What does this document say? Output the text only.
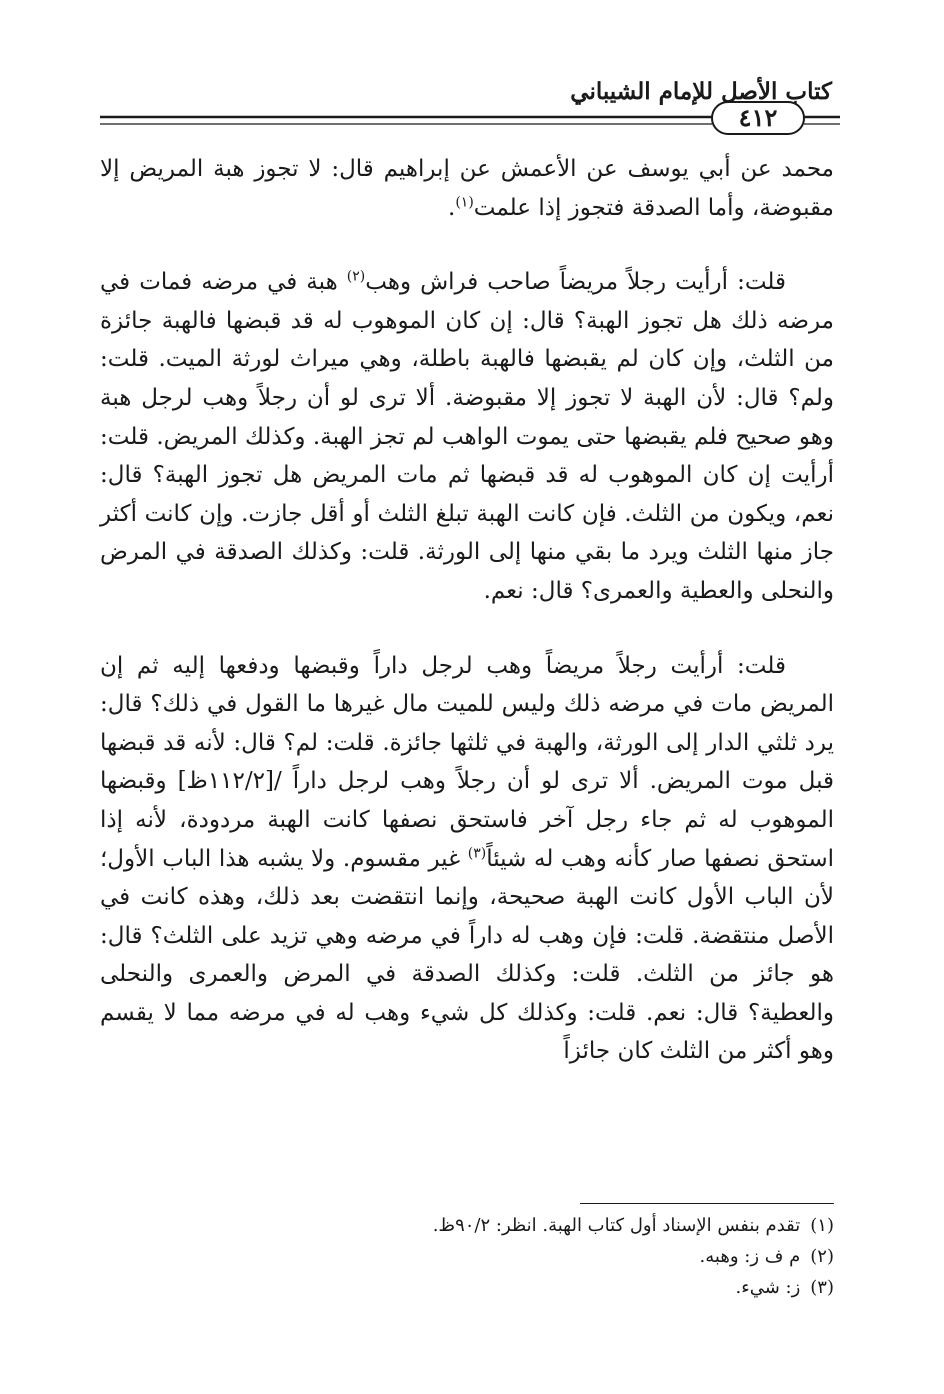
كتاب الأصل للإمام الشيباني
٤١٢

محمد عن أبي يوسف عن الأعمش عن إبراهيم قال: لا تجوز هبة المريض إلا مقبوضة، وأما الصدقة فتجوز إذا علمت$^{(١)}$.

قلت: أرأيت رجلاً مريضاً صاحب فراش وهب$^{(٢)}$ هبة في مرضه فمات في مرضه ذلك هل تجوز الهبة؟ قال: إن كان الموهوب له قد قبضها فالهبة جائزة من الثلث، وإن كان لم يقبضها فالهبة باطلة، وهي ميراث لورثة الميت. قلت: ولم؟ قال: لأن الهبة لا تجوز إلا مقبوضة. ألا ترى لو أن رجلاً وهب لرجل هبة وهو صحيح فلم يقبضها حتى يموت الواهب لم تجز الهبة. وكذلك المريض. قلت: أرأيت إن كان الموهوب له قد قبضها ثم مات المريض هل تجوز الهبة؟ قال: نعم، ويكون من الثلث. فإن كانت الهبة تبلغ الثلث أو أقل جازت. وإن كانت أكثر جاز منها الثلث ويرد ما بقي منها إلى الورثة. قلت: وكذلك الصدقة في المرض والنحلى والعطية والعمرى؟ قال: نعم.

قلت: أرأيت رجلاً مريضاً وهب لرجل داراً وقبضها ودفعها إليه ثم إن المريض مات في مرضه ذلك وليس للميت مال غيرها ما القول في ذلك؟ قال: يرد ثلثي الدار إلى الورثة، والهبة في ثلثها جائزة. قلت: لم؟ قال: لأنه قد قبضها قبل موت المريض. ألا ترى لو أن رجلاً وهب لرجل داراً /[١١٢/٢ظ] وقبضها الموهوب له ثم جاء رجل آخر فاستحق نصفها كانت الهبة مردودة، لأنه إذا استحق نصفها صار كأنه وهب له شيئاً$^{(٣)}$ غير مقسوم. ولا يشبه هذا الباب الأول؛ لأن الباب الأول كانت الهبة صحيحة، وإنما انتقضت بعد ذلك، وهذه كانت في الأصل منتقضة. قلت: فإن وهب له داراً في مرضه وهي تزيد على الثلث؟ قال: هو جائز من الثلث. قلت: وكذلك الصدقة في المرض والعمرى والنحلى والعطية؟ قال: نعم. قلت: وكذلك كل شيء وهب له في مرضه مما لا يقسم وهو أكثر من الثلث كان جائزاً

(١)تقدم بنفس الإسناد أول كتاب الهبة. انظر: ٩٠/٢ظ.

(٢)م ف ز: وهبه.

(٣)ز: شيء.
